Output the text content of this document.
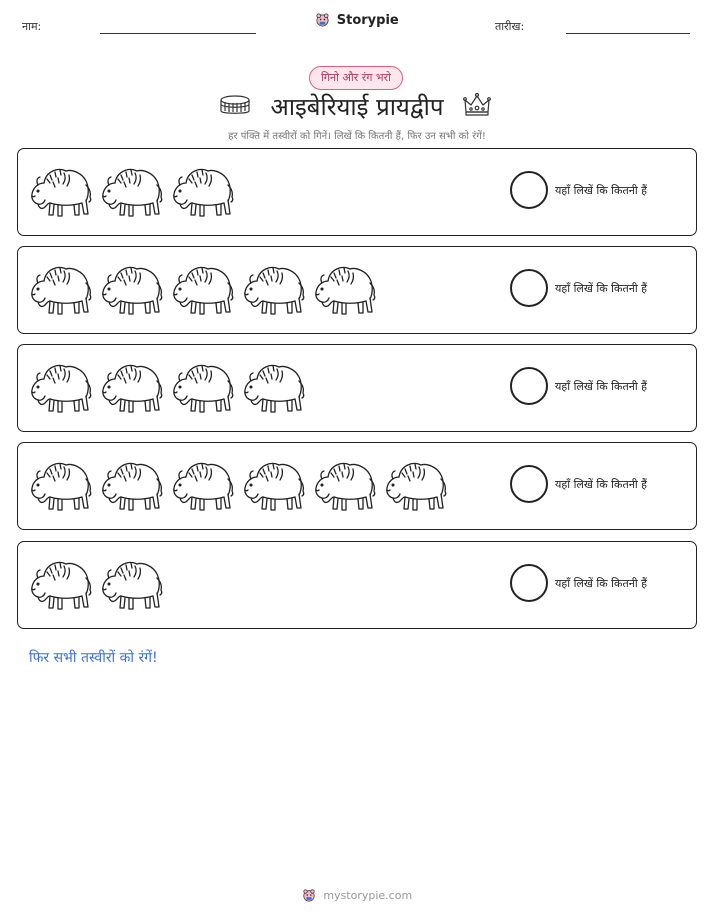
नाम:	Storypie	तारीख:
गिनो और रंग भरो
आइबेरियाई प्रायद्वीप
हर पंक्ति में तस्वीरों को गिनें। लिखें कि कितनी हैं, फिर उन सभी को रंगें!
यहाँ लिखें कि कितनी हैं
यहाँ लिखें कि कितनी हैं
यहाँ लिखें कि कितनी हैं
यहाँ लिखें कि कितनी हैं
यहाँ लिखें कि कितनी हैं
फिर सभी तस्वीरों को रंगें!
mystorypie.com
